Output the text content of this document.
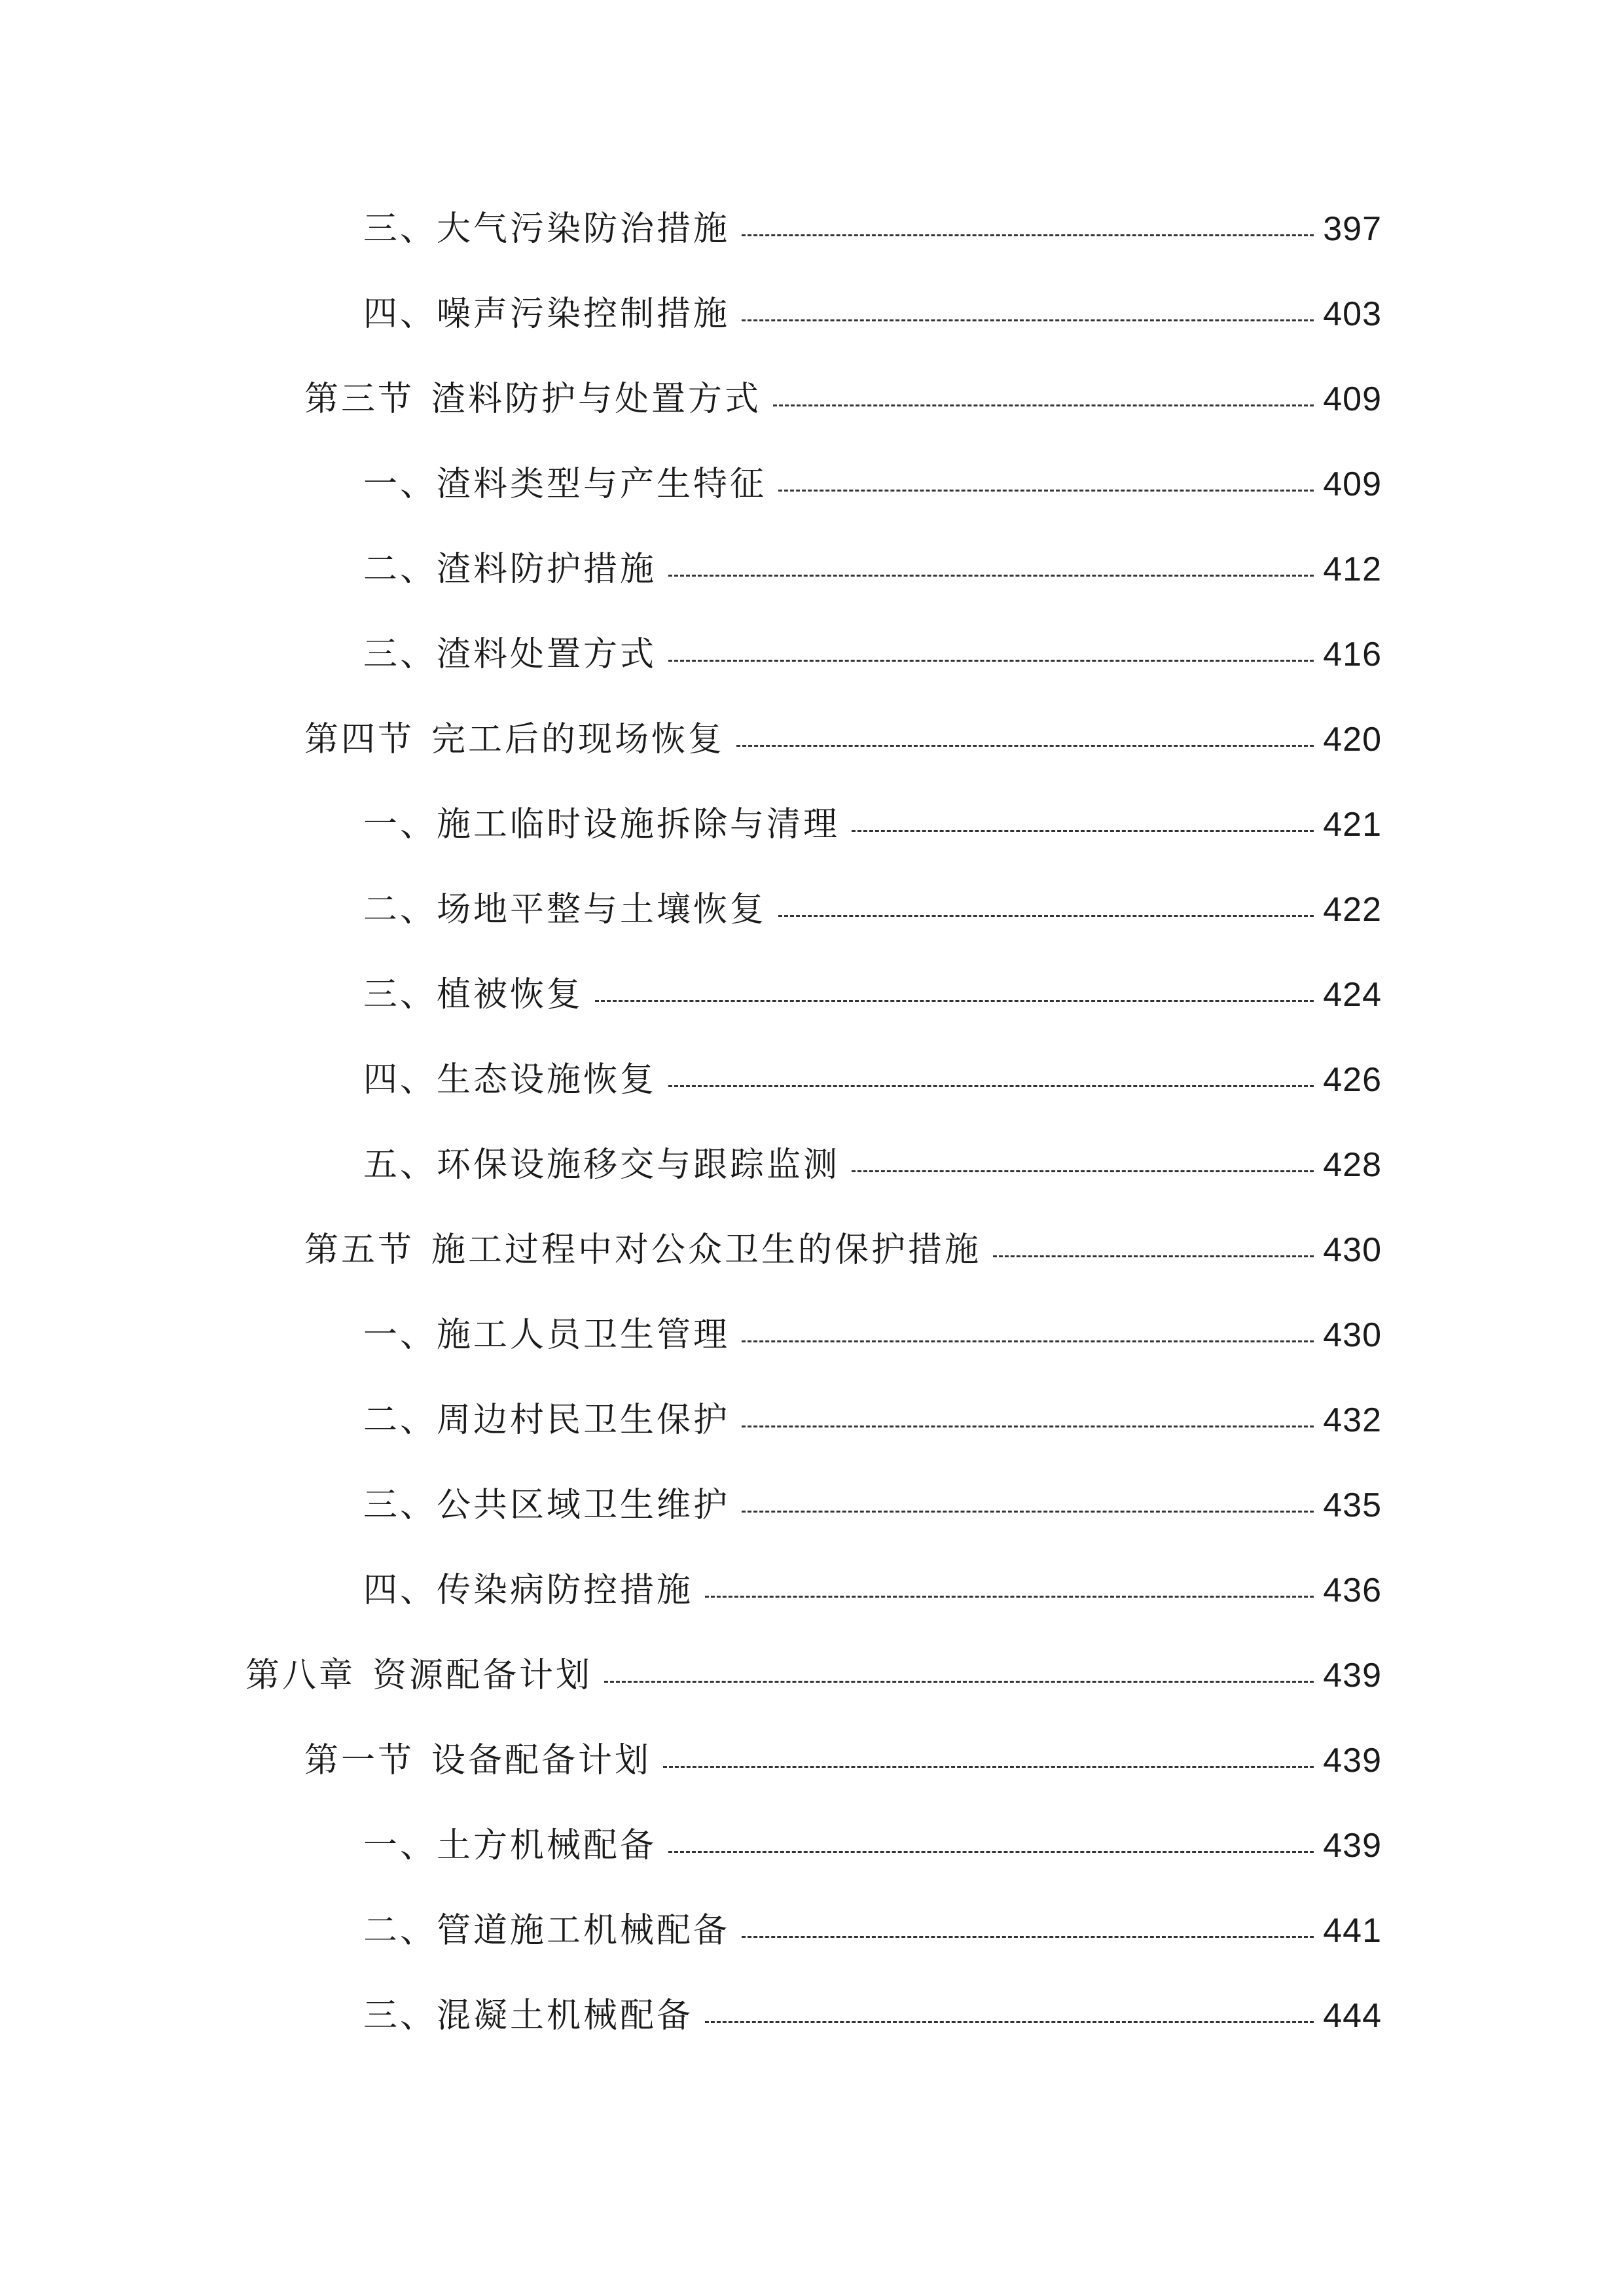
三、大气污染防治措施	397
四、噪声污染控制措施	403
第三节 渣料防护与处置方式	409
一、渣料类型与产生特征	409
二、渣料防护措施	412
三、渣料处置方式	416
第四节 完工后的现场恢复	420
一、施工临时设施拆除与清理	421
二、场地平整与土壤恢复	422
三、植被恢复	424
四、生态设施恢复	426
五、环保设施移交与跟踪监测	428
第五节 施工过程中对公众卫生的保护措施	430
一、施工人员卫生管理	430
二、周边村民卫生保护	432
三、公共区域卫生维护	435
四、传染病防控措施	436
第八章 资源配备计划	439
第一节 设备配备计划	439
一、土方机械配备	439
二、管道施工机械配备	441
三、混凝土机械配备	444
